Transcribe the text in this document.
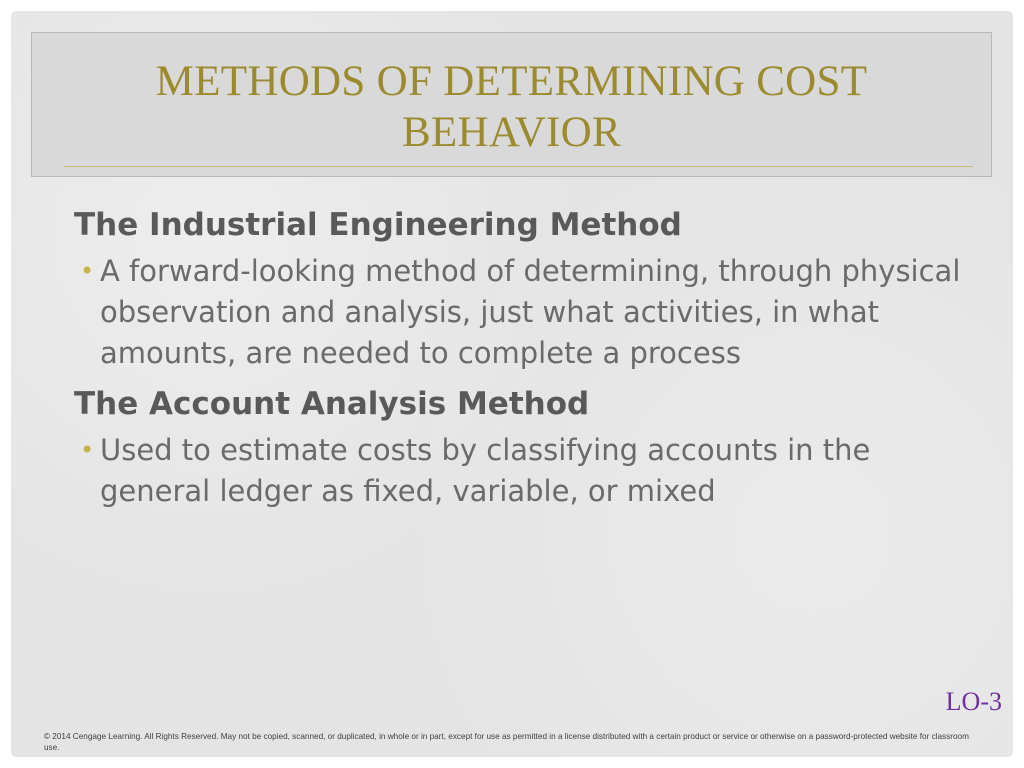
METHODS OF DETERMINING COST
BEHAVIOR
The Industrial Engineering Method
• A forward-looking method of determining, through physical observation and analysis, just what activities, in what amounts, are needed to complete a process
The Account Analysis Method
• Used to estimate costs by classifying accounts in the general ledger as fixed, variable, or mixed
LO-3
© 2014 Cengage Learning. All Rights Reserved. May not be copied, scanned, or duplicated, in whole or in part, except for use as permitted in a license distributed with a certain product or service or otherwise on a password-protected website for classroom use.
